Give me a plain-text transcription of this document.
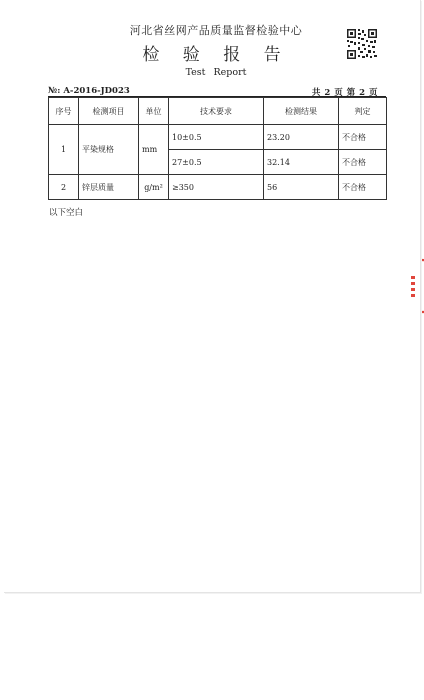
河北省丝网产品质量监督检验中心
检 验 报 告
Test Report
№: A-2016-JD023	共 2 页 第 2 页
序号	检测项目	单位	技术要求	检测结果	判定
1	平染规格	mm	10±0.5	23.20	不合格
			27±0.5	32.14	不合格
2	锌层质量	g/m²	≥350	56	不合格
以下空白
